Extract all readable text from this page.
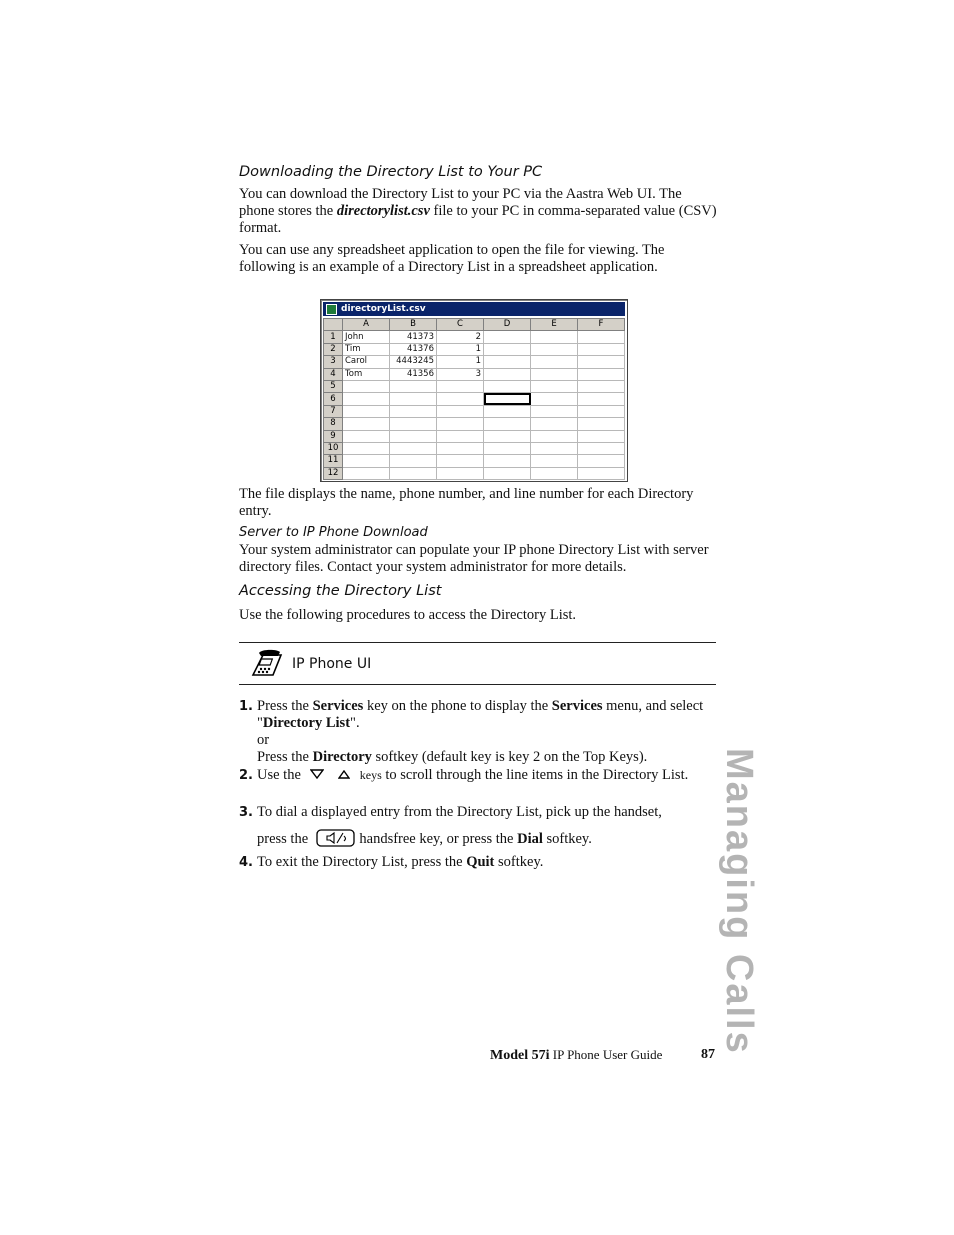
Downloading the Directory List to Your PC
You can download the Directory List to your PC via the Aastra Web UI. The phone stores the directorylist.csv file to your PC in comma-separated value (CSV) format.
You can use any spreadsheet application to open the file for viewing. The following is an example of a Directory List in a spreadsheet application.
directoryList.csv
	A	B	C	D	E	F
1	John	41373	2			
2	Tim	41376	1			
3	Carol	4443245	1			
4	Tom	41356	3			
5						
6						
7						
8						
9						
10						
11						
12						
The file displays the name, phone number, and line number for each Directory entry.
Server to IP Phone Download
Your system administrator can populate your IP phone Directory List with server directory files. Contact your system administrator for more details.
Accessing the Directory List
Use the following procedures to access the Directory List.
IP Phone UI
1. Press the Services key on the phone to display the Services menu, and select "Directory List".
or
Press the Directory softkey (default key is key 2 on the Top Keys).
2. Use the	keys to scroll through the line items in the Directory List.
3. To dial a displayed entry from the Directory List, pick up the handset,
press the	handsfree key, or press the Dial softkey.
4. To exit the Directory List, press the Quit softkey.	Managing Calls
Model 57i IP Phone User Guide	87
